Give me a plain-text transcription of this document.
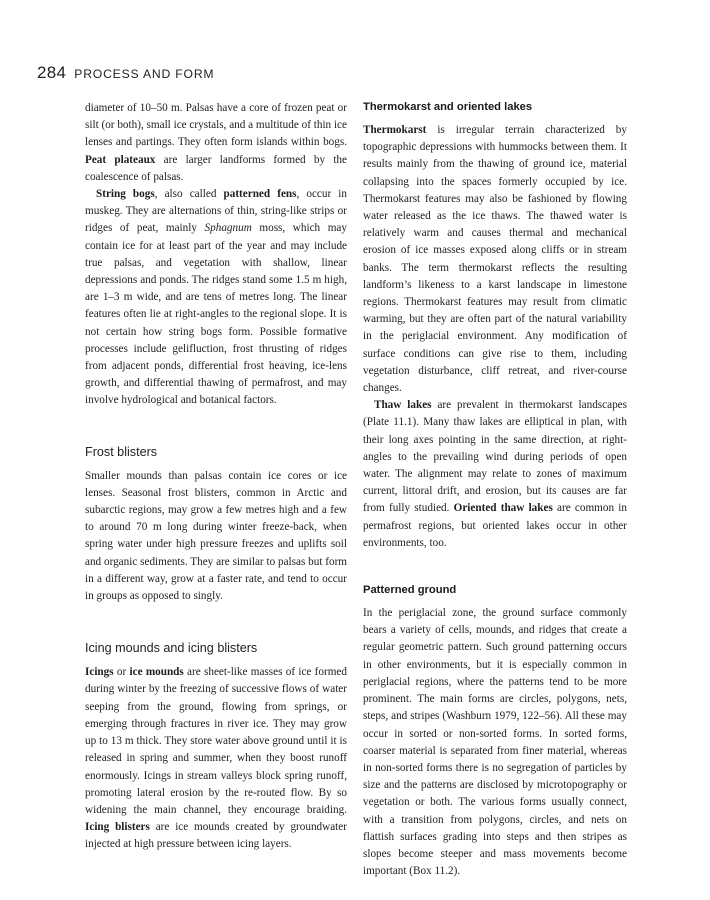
284 PROCESS AND FORM

diameter of 10–50 m. Palsas have a core of frozen peat or silt (or both), small ice crystals, and a multitude of thin ice lenses and partings. They often form islands within bogs. Peat plateaux are larger landforms formed by the coalescence of palsas.

String bogs, also called patterned fens, occur in muskeg. They are alternations of thin, string-like strips or ridges of peat, mainly Sphagnum moss, which may contain ice for at least part of the year and may include true palsas, and vegetation with shallow, linear depressions and ponds. The ridges stand some 1.5 m high, are 1–3 m wide, and are tens of metres long. The linear features often lie at right-angles to the regional slope. It is not certain how string bogs form. Possible formative processes include gelifluction, frost thrusting of ridges from adjacent ponds, differential frost heaving, ice-lens growth, and differential thawing of permafrost, and may involve hydrological and botanical factors.

Frost blisters

Smaller mounds than palsas contain ice cores or ice lenses. Seasonal frost blisters, common in Arctic and subarctic regions, may grow a few metres high and a few to around 70 m long during winter freeze-back, when spring water under high pressure freezes and uplifts soil and organic sediments. They are similar to palsas but form in a different way, grow at a faster rate, and tend to occur in groups as opposed to singly.

Icing mounds and icing blisters

Icings or ice mounds are sheet-like masses of ice formed during winter by the freezing of successive flows of water seeping from the ground, flowing from springs, or emerging through fractures in river ice. They may grow up to 13 m thick. They store water above ground until it is released in spring and summer, when they boost runoff enormously. Icings in stream valleys block spring runoff, promoting lateral erosion by the re-routed flow. By so widening the main channel, they encourage braiding. Icing blisters are ice mounds created by groundwater injected at high pressure between icing layers.

Thermokarst and oriented lakes

Thermokarst is irregular terrain characterized by topographic depressions with hummocks between them. It results mainly from the thawing of ground ice, material collapsing into the spaces formerly occupied by ice. Thermokarst features may also be fashioned by flowing water released as the ice thaws. The thawed water is relatively warm and causes thermal and mechanical erosion of ice masses exposed along cliffs or in stream banks. The term thermokarst reflects the resulting landform’s likeness to a karst landscape in limestone regions. Thermokarst features may result from climatic warming, but they are often part of the natural variability in the periglacial environment. Any modification of surface conditions can give rise to them, including vegetation disturbance, cliff retreat, and river-course changes.

Thaw lakes are prevalent in thermokarst landscapes (Plate 11.1). Many thaw lakes are elliptical in plan, with their long axes pointing in the same direction, at right-angles to the prevailing wind during periods of open water. The alignment may relate to zones of maximum current, littoral drift, and erosion, but its causes are far from fully studied. Oriented thaw lakes are common in permafrost regions, but oriented lakes occur in other environments, too.

Patterned ground

In the periglacial zone, the ground surface commonly bears a variety of cells, mounds, and ridges that create a regular geometric pattern. Such ground patterning occurs in other environments, but it is especially common in periglacial regions, where the patterns tend to be more prominent. The main forms are circles, polygons, nets, steps, and stripes (Washburn 1979, 122–56). All these may occur in sorted or non-sorted forms. In sorted forms, coarser material is separated from finer material, whereas in non-sorted forms there is no segregation of particles by size and the patterns are disclosed by microtopography or vegetation or both. The various forms usually connect, with a transition from polygons, circles, and nets on flattish surfaces grading into steps and then stripes as slopes become steeper and mass movements become important (Box 11.2).
